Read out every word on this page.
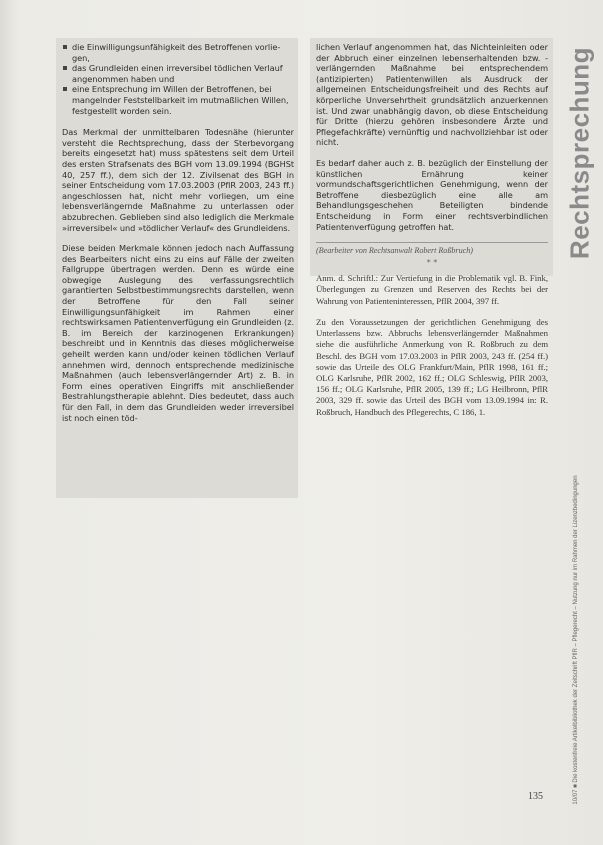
die Einwilligungsunfähigkeit des Betroffenen vorlie-gen,
das Grundleiden einen irreversibel tödlichen Verlauf angenommen haben und
eine Entsprechung im Willen der Betroffenen, bei mangelnder Feststellbarkeit im mutmaßlichen Willen, festgestellt worden sein.

Das Merkmal der unmittelbaren Todesnähe (hierunter versteht die Rechtsprechung, dass der Sterbevorgang bereits eingesetzt hat) muss spätestens seit dem Urteil des ersten Strafsenats des BGH vom 13.09.1994 (BGHSt 40, 257 ff.), dem sich der 12. Zivilsenat des BGH in seiner Entscheidung vom 17.03.2003 (PflR 2003, 243 ff.) angeschlossen hat, nicht mehr vorliegen, um eine lebensverlängernde Maßnahme zu unterlassen oder abzubrechen. Geblieben sind also lediglich die Merkmale »irreversibel« und »tödlicher Verlauf« des Grundleidens.

Diese beiden Merkmale können jedoch nach Auffassung des Bearbeiters nicht eins zu eins auf Fälle der zweiten Fallgruppe übertragen werden. Denn es würde eine obwegige Auslegung des verfassungsrechtlich garantierten Selbstbestimmungsrechts darstellen, wenn der Betroffene für den Fall seiner Einwilligungsunfähigkeit im Rahmen einer rechtswirksamen Patientenverfügung ein Grundleiden (z. B. im Bereich der karzinogenen Erkrankungen) beschreibt und in Kenntnis das dieses möglicherweise geheilt werden kann und/oder keinen tödlichen Verlauf annehmen wird, dennoch entsprechende medizinische Maßnahmen (auch lebensverlängernder Art) z. B. in Form eines operativen Eingriffs mit anschließender Bestrahlungstherapie ablehnt. Dies bedeutet, dass auch für den Fall, in dem das Grundleiden weder irreversibel ist noch einen töd-

lichen Verlauf angenommen hat, das Nichteinleiten oder der Abbruch einer einzelnen lebenserhaltenden bzw. -verlängernden Maßnahme bei entsprechendem (antizipierten) Patientenwillen als Ausdruck der allgemeinen Entscheidungsfreiheit und des Rechts auf körperliche Unversehrtheit grundsätzlich anzuerkennen ist. Und zwar unabhängig davon, ob diese Entscheidung für Dritte (hierzu gehören insbesondere Ärzte und Pflegefachkräfte) vernünftig und nachvollziehbar ist oder nicht.

Es bedarf daher auch z. B. bezüglich der Einstellung der künstlichen Ernährung keiner vormundschaftsgerichtlichen Genehmigung, wenn der Betroffene diesbezüglich eine alle am Behandlungsgeschehen Beteiligten bindende Entscheidung in Form einer rechtsverbindlichen Patientenverfügung getroffen hat.

(Bearbeiter von Rechtsanwalt Robert Roßbruch)
* *

Anm. d. Schriftl.: Zur Vertiefung in die Problematik vgl. B. Fink, Überlegungen zu Grenzen und Reserven des Rechts bei der Wahrung von Patienteninteressen, PflR 2004, 397 ff.

Zu den Voraussetzungen der gerichtlichen Genehmigung des Unterlassens bzw. Abbruchs lebensverlängernder Maßnahmen siehe die ausführliche Anmerkung von R. Roßbruch zu dem Beschl. des BGH vom 17.03.2003 in PflR 2003, 243 ff. (254 ff.) sowie das Urteile des OLG Frankfurt/Main, PflR 1998, 161 ff.; OLG Karlsruhe, PflR 2002, 162 ff.; OLG Schleswig, PflR 2003, 156 ff.; OLG Karlsruhe, PflR 2005, 139 ff.; LG Heilbronn, PflR 2003, 329 ff. sowie das Urteil des BGH vom 13.09.1994 in: R. Roßbruch, Handbuch des Pflegerechts, C 186, 1.

Rechtsprechung
10/07 ■ Die kostenfreie Artikelbibliothek der Zeitschrift PflR – Pflegerecht – Nutzung nur im Rahmen der Lizenzbedingungen
135
